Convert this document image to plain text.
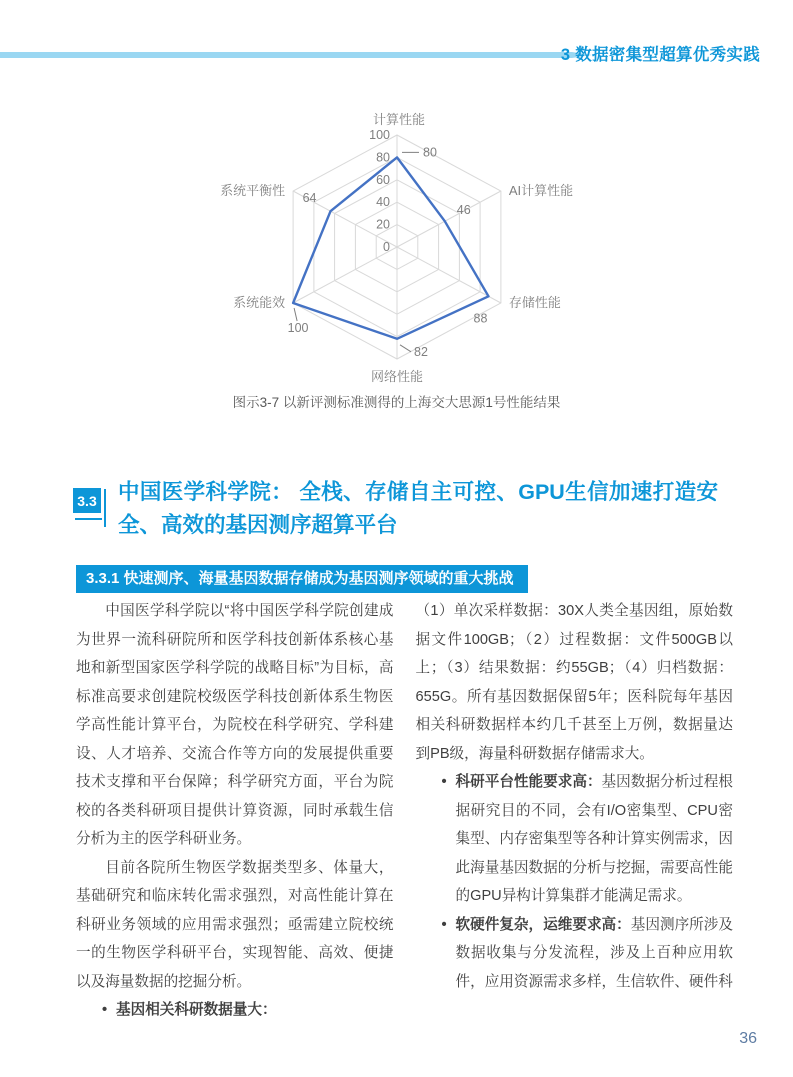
3 数据密集型超算优秀实践
0
20
40
60
80
100
计算性能
AI计算性能
存储性能
网络性能
系统能效
系统平衡性
80
46
88
82
100
64
图示3-7 以新评测标准测得的上海交大思源1号性能结果
3.3 中国医学科学院： 全栈、存储自主可控、GPU生信加速打造安全、高效的基因测序超算平台
3.3.1 快速测序、海量基因数据存储成为基因测序领域的重大挑战

中国医学科学院以“将中国医学科学院创建成为世界一流科研院所和医学科技创新体系核心基地和新型国家医学科学院的战略目标”为目标，高标准高要求创建院校级医学科技创新体系生物医学高性能计算平台，为院校在科学研究、学科建设、人才培养、交流合作等方向的发展提供重要技术支撑和平台保障；科学研究方面，平台为院校的各类科研项目提供计算资源，同时承载生信分析为主的医学科研业务。

目前各院所生物医学数据类型多、体量大，基础研究和临床转化需求强烈，对高性能计算在科研业务领域的应用需求强烈；亟需建立院校统一的生物医学科研平台，实现智能、高效、便捷以及海量数据的挖掘分析。

• 基因相关科研数据量大：

（1）单次采样数据：30X人类全基因组，原始数据文件100GB；（2）过程数据：文件500GB以上；（3）结果数据：约55GB；（4）归档数据：655G。所有基因数据保留5年；医科院每年基因相关科研数据样本约几千甚至上万例，数据量达到PB级，海量科研数据存储需求大。

• 科研平台性能要求高：基因数据分析过程根据研究目的不同，会有I/O密集型、CPU密集型、内存密集型等各种计算实例需求，因此海量基因数据的分析与挖掘，需要高性能的GPU异构计算集群才能满足需求。
• 软硬件复杂，运维要求高：基因测序所涉及数据收集与分发流程，涉及上百种应用软件，应用资源需求多样，生信软件、硬件科
36
